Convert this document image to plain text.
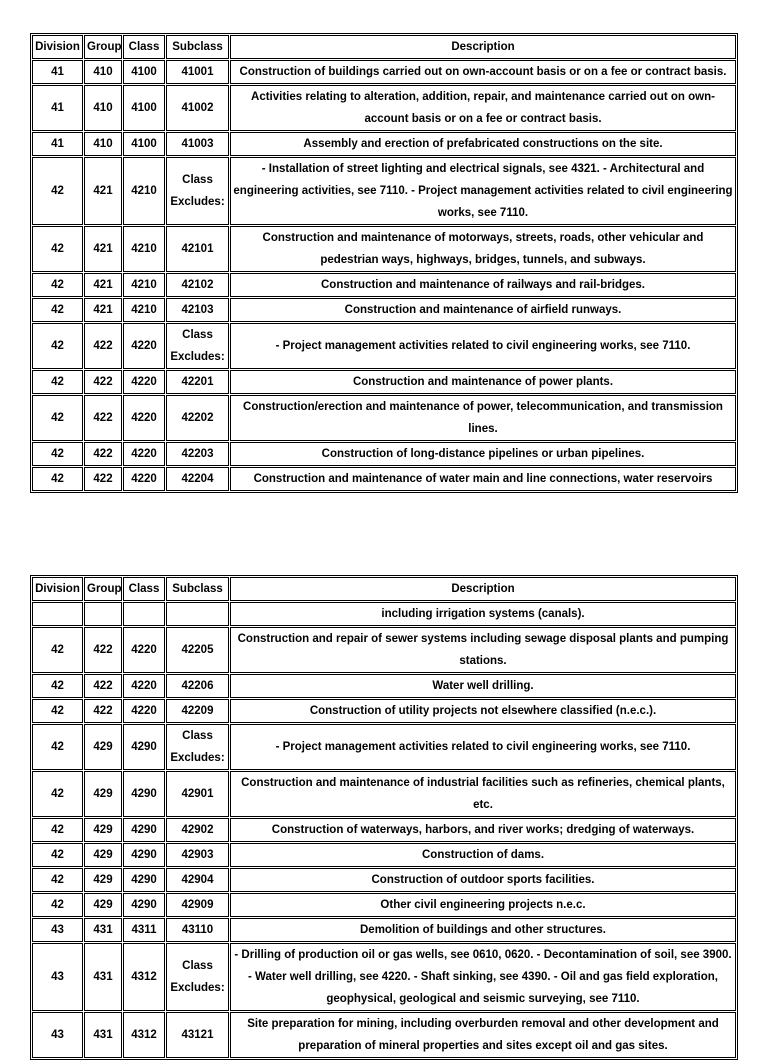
Division	Group	Class	Subclass	Description
41	410	4100	41001	Construction of buildings carried out on own-account basis or on a fee or contract basis.
41	410	4100	41002	Activities relating to alteration, addition, repair, and maintenance carried out on own-account basis or on a fee or contract basis.
41	410	4100	41003	Assembly and erection of prefabricated constructions on the site.
42	421	4210	Class Excludes:	- Installation of street lighting and electrical signals, see 4321. - Architectural and engineering activities, see 7110. - Project management activities related to civil engineering works, see 7110.
42	421	4210	42101	Construction and maintenance of motorways, streets, roads, other vehicular and pedestrian ways, highways, bridges, tunnels, and subways.
42	421	4210	42102	Construction and maintenance of railways and rail-bridges.
42	421	4210	42103	Construction and maintenance of airfield runways.
42	422	4220	Class Excludes:	- Project management activities related to civil engineering works, see 7110.
42	422	4220	42201	Construction and maintenance of power plants.
42	422	4220	42202	Construction/erection and maintenance of power, telecommunication, and transmission lines.
42	422	4220	42203	Construction of long-distance pipelines or urban pipelines.
42	422	4220	42204	Construction and maintenance of water main and line connections, water reservoirs
Division	Group	Class	Subclass	Description
				including irrigation systems (canals).
42	422	4220	42205	Construction and repair of sewer systems including sewage disposal plants and pumping stations.
42	422	4220	42206	Water well drilling.
42	422	4220	42209	Construction of utility projects not elsewhere classified (n.e.c.).
42	429	4290	Class Excludes:	- Project management activities related to civil engineering works, see 7110.
42	429	4290	42901	Construction and maintenance of industrial facilities such as refineries, chemical plants, etc.
42	429	4290	42902	Construction of waterways, harbors, and river works; dredging of waterways.
42	429	4290	42903	Construction of dams.
42	429	4290	42904	Construction of outdoor sports facilities.
42	429	4290	42909	Other civil engineering projects n.e.c.
43	431	4311	43110	Demolition of buildings and other structures.
43	431	4312	Class Excludes:	- Drilling of production oil or gas wells, see 0610, 0620. - Decontamination of soil, see 3900. - Water well drilling, see 4220. - Shaft sinking, see 4390. - Oil and gas field exploration, geophysical, geological and seismic surveying, see 7110.
43	431	4312	43121	Site preparation for mining, including overburden removal and other development and preparation of mineral properties and sites except oil and gas sites.
